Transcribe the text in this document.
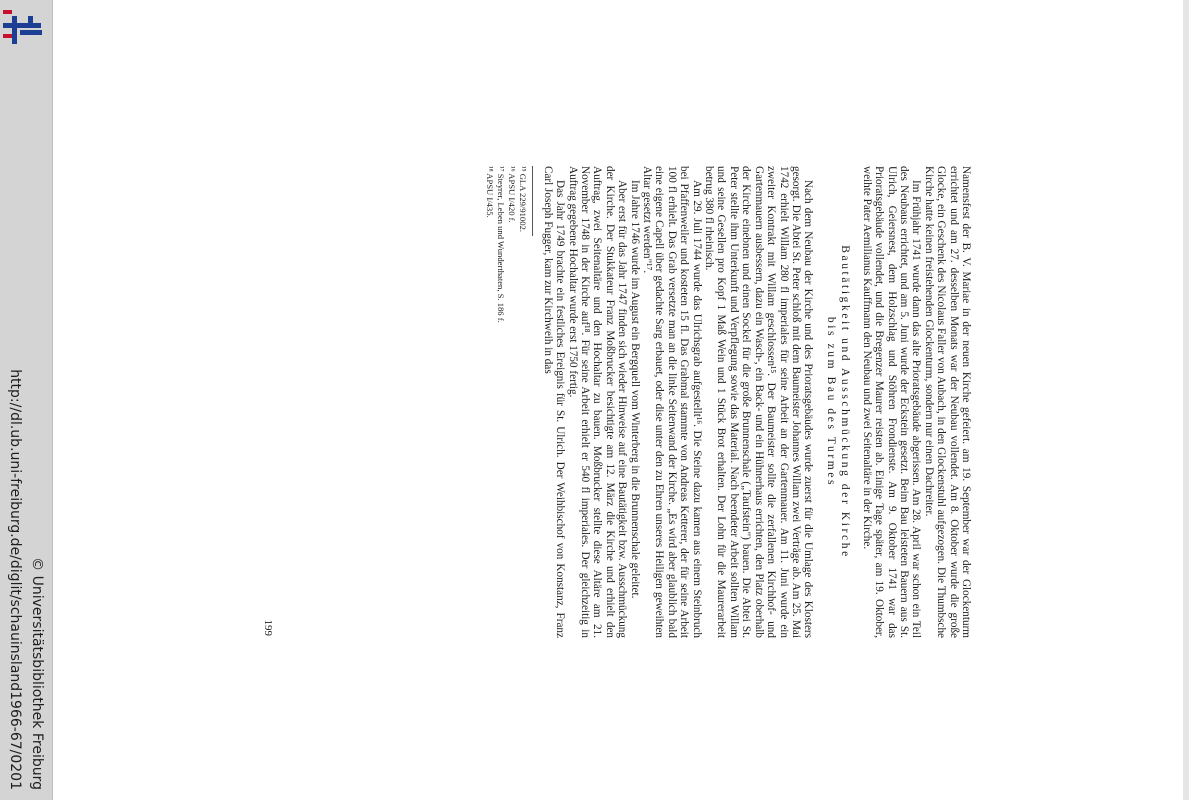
http://dl.ub.uni-freiburg.de/diglit/schauinsland1966-67/0201 © Universitätsbibliothek Freiburg

Namensfest der B. V. Mariae in der neuen Kirche gefeiert. am 19. September war der Glockenturm errichtet und am 27. desselben Monats war der Neubau vollendet. Am 8. Oktober wurde die große Glocke, ein Geschenk des Nicolaus Faller von Aubach, in den Glockenstuhl aufgezogen. Die Thumbsche Kirche hatte keinen freistehenden Glockenturm, sondern nur einen Dachreiter.

Im Frühjahr 1741 wurde dann das alte Prioratsgebäude abgerissen. Am 28. April war schon ein Teil des Neubaus errichtet, und am 5. Juni wurde der Eckstein gesetzt. Beim Bau leisteten Bauern aus St. Ulrich, Geiersnest, dem Holzschlag und Stöhren Frondienste. Am 9. Oktober 1741 war das Prioratsgebäude vollendet, und die Bregenzer Maurer reisten ab. Einige Tage später, am 19. Oktober, weihte Pater Aemilianus Kauffmann den Neubau und zwei Seitenaltäre in der Kirche.

Bautätigkeit und Ausschmückung der Kirche
bis zum Bau des Turmes

Nach dem Neubau der Kirche und des Prioratsgebäudes wurde zuerst für die Umlage des Klosters gesorgt. Die Abtei St. Peter schloß mit dem Baumeister Johannes Willam zwei Verträge ab. Am 25. Mai 1742 erhielt Willam 280 fl imperiales für seine Arbeit an der Gartenmauer. Am 11. Juni wurde ein zweiter Kontrakt mit Willam geschlossen¹⁵. Der Baumeister sollte die zerfallenen Kirchhof- und Gartenmauern ausbessern, dazu ein Wasch-, ein Back- und ein Hühnerhaus errichten, den Platz oberhalb der Kirche einebnen und einen Sockel für die große Brunnenschale („Taufstein") bauen. Die Abtei St. Peter stellte ihm Unterkunft und Verpflegung sowie das Material. Nach beendeter Arbeit sollten Willam und seine Gesellen pro Kopf 1 Maß Wein und 1 Stück Brot erhalten. Der Lohn für die Maurerarbeit betrug 380 fl rheinisch.

Am 29. Juli 1744 wurde das Ulrichsgrab aufgestellt¹⁶. Die Steine dazu kamen aus einem Steinbruch bei Pfaffenweiler und kosteten 15 fl. Das Grabmal stammte von Andreas Ketterer, der für seine Arbeit 100 fl erhielt. Das Grab versetzte man an die linke Seitenwand der Kirche. „Es wird aber glaublich bald eine eigene Capell über gedachte Sarg erbauet, oder dise unter den zu Ehren unseres Heiligen geweihten Altar gesetzt werden"¹⁷.

Im Jahre 1746 wurde im August ein Bergquell vom Winterberg in die Brunnenschale geleitet.

Aber erst für das Jahr 1747 finden sich wieder Hinweise auf eine Bautätigkeit bzw. Ausschmückung der Kirche. Der Stukkateur Franz Moßbrucker besichtigte am 12. März die Kirche und erhielt den Auftrag, zwei Seitenaltäre und den Hochaltar zu bauen. Moßbrucker stellte diese Altäre am 21. November 1748 in der Kirche auf¹⁸. Für seine Arbeit erhielt er 540 fl imperiales. Der gleichzeitig in Auftrag gegebene Hochaltar wurde erst 1750 fertig.

Das Jahr 1749 brachte ein festliches Ereignis für St. Ulrich. Der Weihbischof von Konstanz, Franz Carl Joseph Fugger, kam zur Kirchweih in das

¹⁵ GLA 229/91002.
¹⁶ APSU I/420 f.
¹⁷ Steyrer, Leben und Wunderthaten, S. 186 f.
¹⁸ APSU I/435.
199
